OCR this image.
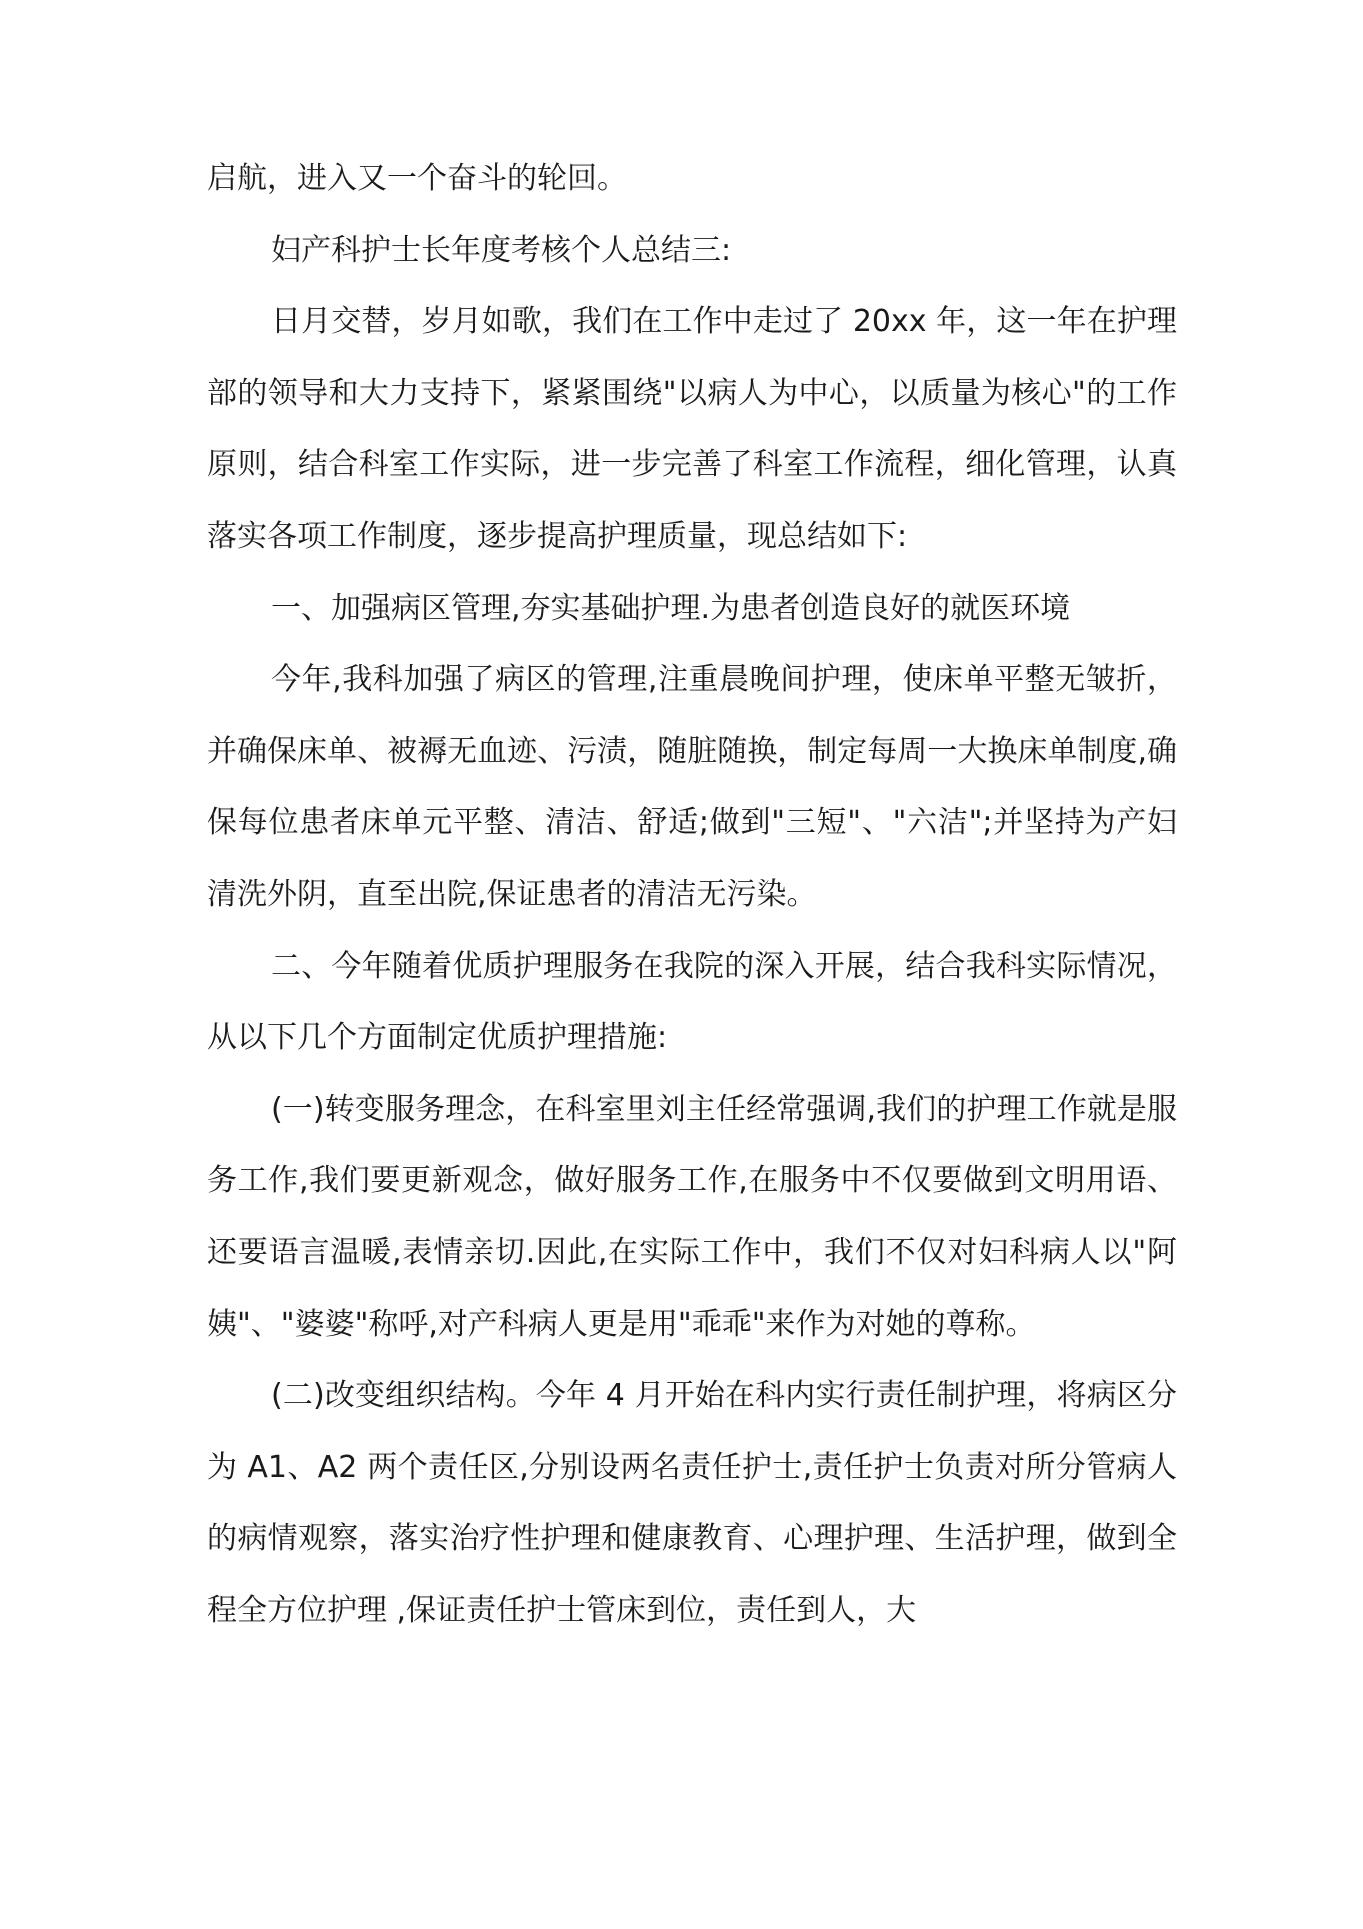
启航，进入又一个奋斗的轮回。

妇产科护士长年度考核个人总结三:

日月交替，岁月如歌，我们在工作中走过了 20xx 年，这一年在护理部的领导和大力支持下，紧紧围绕"以病人为中心，以质量为核心"的工作原则，结合科室工作实际，进一步完善了科室工作流程，细化管理，认真落实各项工作制度，逐步提高护理质量，现总结如下:

一、加强病区管理,夯实基础护理.为患者创造良好的就医环境

今年,我科加强了病区的管理,注重晨晚间护理，使床单平整无皱折，并确保床单、被褥无血迹、污渍，随脏随换，制定每周一大换床单制度,确保每位患者床单元平整、清洁、舒适;做到"三短"、"六洁";并坚持为产妇清洗外阴，直至出院,保证患者的清洁无污染。

二、今年随着优质护理服务在我院的深入开展，结合我科实际情况，从以下几个方面制定优质护理措施:

(一)转变服务理念，在科室里刘主任经常强调,我们的护理工作就是服务工作,我们要更新观念，做好服务工作,在服务中不仅要做到文明用语、还要语言温暖,表情亲切.因此,在实际工作中，我们不仅对妇科病人以"阿姨"、"婆婆"称呼,对产科病人更是用"乖乖"来作为对她的尊称。

(二)改变组织结构。今年 4 月开始在科内实行责任制护理，将病区分为 A1、A2 两个责任区,分别设两名责任护士,责任护士负责对所分管病人的病情观察，落实治疗性护理和健康教育、心理护理、生活护理，做到全程全方位护理 ,保证责任护士管床到位，责任到人，大
